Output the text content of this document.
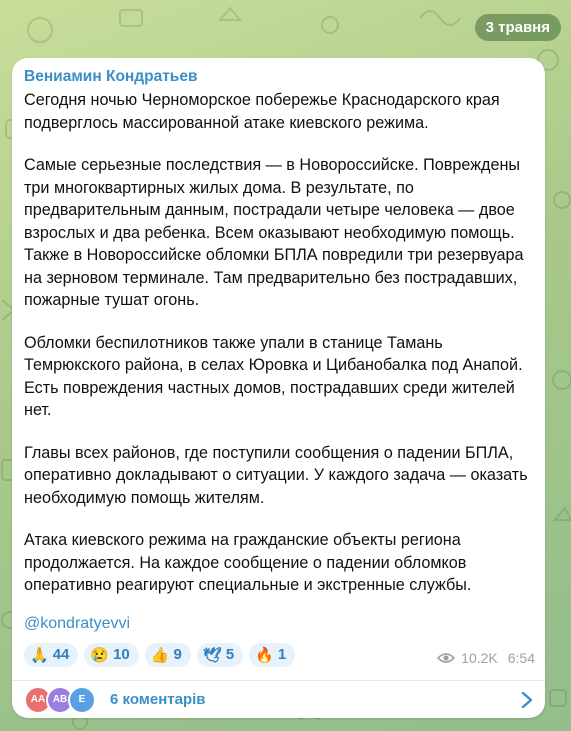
3 травня
Вениамин Кондратьев
Сегодня ночью Черноморское побережье Краснодарского края подверглось массированной атаке киевского режима.
Самые серьезные последствия — в Новороссийске. Повреждены три многоквартирных жилых дома. В результате, по предварительным данным, пострадали четыре человека — двое взрослых и два ребенка. Всем оказывают необходимую помощь. Также в Новороссийске обломки БПЛА повредили три резервуара на зерновом терминале. Там предварительно без пострадавших, пожарные тушат огонь.
Обломки беспилотников также упали в станице Тамань Темрюкского района, в селах Юровка и Цибанобалка под Анапой. Есть повреждения частных домов, пострадавших среди жителей нет.
Главы всех районов, где поступили сообщения о падении БПЛА, оперативно докладывают о ситуации. У каждого задача — оказать необходимую помощь жителям.
Атака киевского режима на гражданские объекты региона продолжается. На каждое сообщение о падении обломков оперативно реагируют специальные и экстренные службы.
@kondratyevvi
🙏 44 😢 10 👍 9 🕊 5 🔥 1	10.2K 6:54
AA AB	E	6 коментарів
